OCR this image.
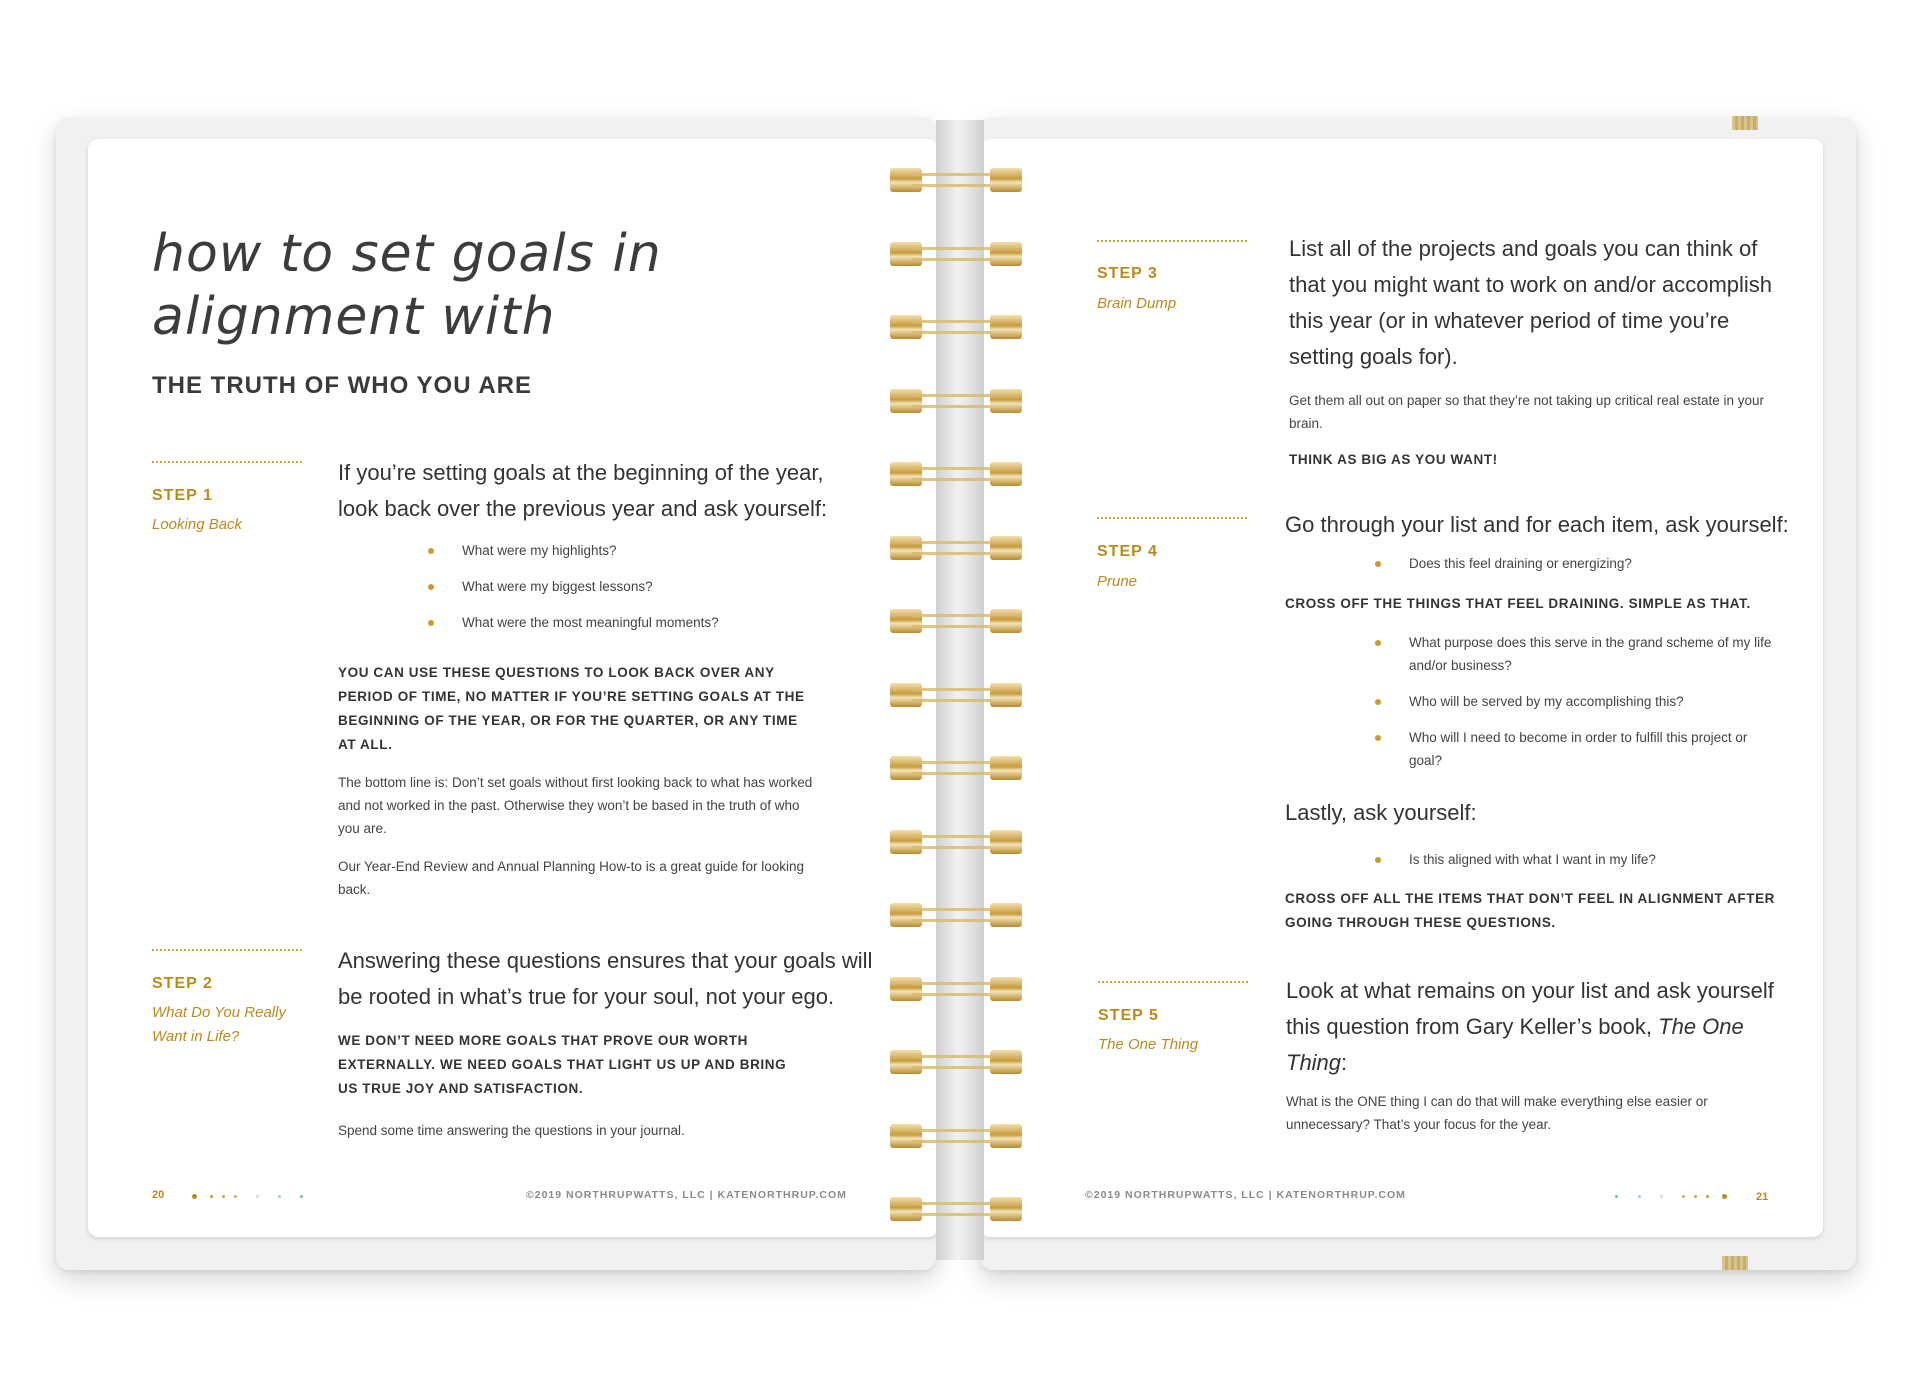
how to set goals in
alignment with
THE TRUTH OF WHO YOU ARE
STEP 1
Looking Back
If you’re setting goals at the beginning of the year, look back over the previous year and ask yourself:
What were my highlights?
What were my biggest lessons?
What were the most meaningful moments?
YOU CAN USE THESE QUESTIONS TO LOOK BACK OVER ANY PERIOD OF TIME, NO MATTER IF YOU’RE SETTING GOALS AT THE BEGINNING OF THE YEAR, OR FOR THE QUARTER, OR ANY TIME AT ALL.
The bottom line is: Don’t set goals without first looking back to what has worked and not worked in the past. Otherwise they won’t be based in the truth of who you are.
Our Year-End Review and Annual Planning How-to is a great guide for looking back.
STEP 2
What Do You Really
Want in Life?
Answering these questions ensures that your goals will be rooted in what’s true for your soul, not your ego.
WE DON’T NEED MORE GOALS THAT PROVE OUR WORTH EXTERNALLY. WE NEED GOALS THAT LIGHT US UP AND BRING US TRUE JOY AND SATISFACTION.
Spend some time answering the questions in your journal.
20	©2019 NORTHRUPWATTS, LLC | KATENORTHRUP.COM
STEP 3
Brain Dump
List all of the projects and goals you can think of that you might want to work on and/or accomplish this year (or in whatever period of time you’re setting goals for).
Get them all out on paper so that they’re not taking up critical real estate in your brain.
THINK AS BIG AS YOU WANT!
STEP 4
Prune
Go through your list and for each item, ask yourself:
Does this feel draining or energizing?
CROSS OFF THE THINGS THAT FEEL DRAINING. SIMPLE AS THAT.
What purpose does this serve in the grand scheme of my life and/or business?
Who will be served by my accomplishing this?
Who will I need to become in order to fulfill this project or goal?
Lastly, ask yourself:
Is this aligned with what I want in my life?
CROSS OFF ALL THE ITEMS THAT DON’T FEEL IN ALIGNMENT AFTER GOING THROUGH THESE QUESTIONS.
STEP 5
The One Thing
Look at what remains on your list and ask yourself this question from Gary Keller’s book, The One Thing:
What is the ONE thing I can do that will make everything else easier or unnecessary? That’s your focus for the year.
©2019 NORTHRUPWATTS, LLC | KATENORTHRUP.COM	21
